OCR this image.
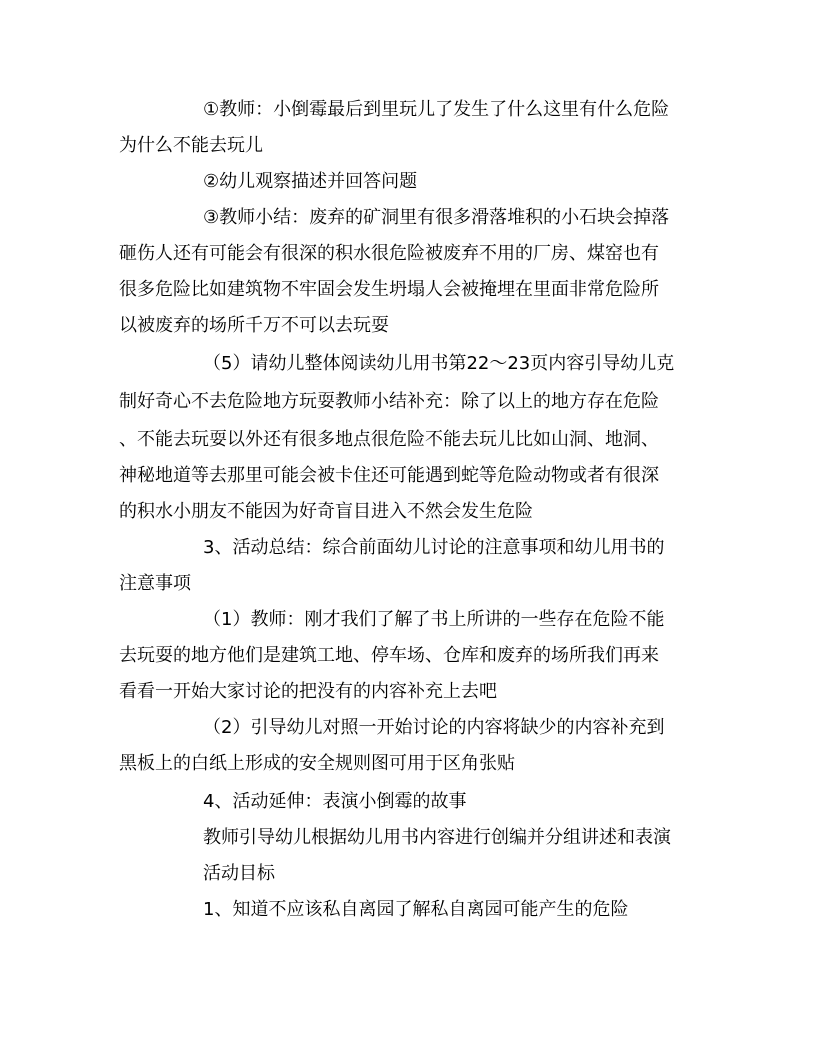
①教师：小倒霉最后到里玩儿了发生了什么这里有什么危险
为什么不能去玩儿
②幼儿观察描述并回答问题
③教师小结：废弃的矿洞里有很多滑落堆积的小石块会掉落
砸伤人还有可能会有很深的积水很危险被废弃不用的厂房、煤窑也有
很多危险比如建筑物不牢固会发生坍塌人会被掩埋在里面非常危险所
以被废弃的场所千万不可以去玩耍
（5）请幼儿整体阅读幼儿用书第22～23页内容引导幼儿克
制好奇心不去危险地方玩耍教师小结补充：除了以上的地方存在危险
、不能去玩耍以外还有很多地点很危险不能去玩儿比如山洞、地洞、
神秘地道等去那里可能会被卡住还可能遇到蛇等危险动物或者有很深
的积水小朋友不能因为好奇盲目进入不然会发生危险
3、活动总结：综合前面幼儿讨论的注意事项和幼儿用书的
注意事项
（1）教师：刚才我们了解了书上所讲的一些存在危险不能
去玩耍的地方他们是建筑工地、停车场、仓库和废弃的场所我们再来
看看一开始大家讨论的把没有的内容补充上去吧
（2）引导幼儿对照一开始讨论的内容将缺少的内容补充到
黑板上的白纸上形成的安全规则图可用于区角张贴
4、活动延伸：表演小倒霉的故事
教师引导幼儿根据幼儿用书内容进行创编并分组讲述和表演
活动目标
1、知道不应该私自离园了解私自离园可能产生的危险
